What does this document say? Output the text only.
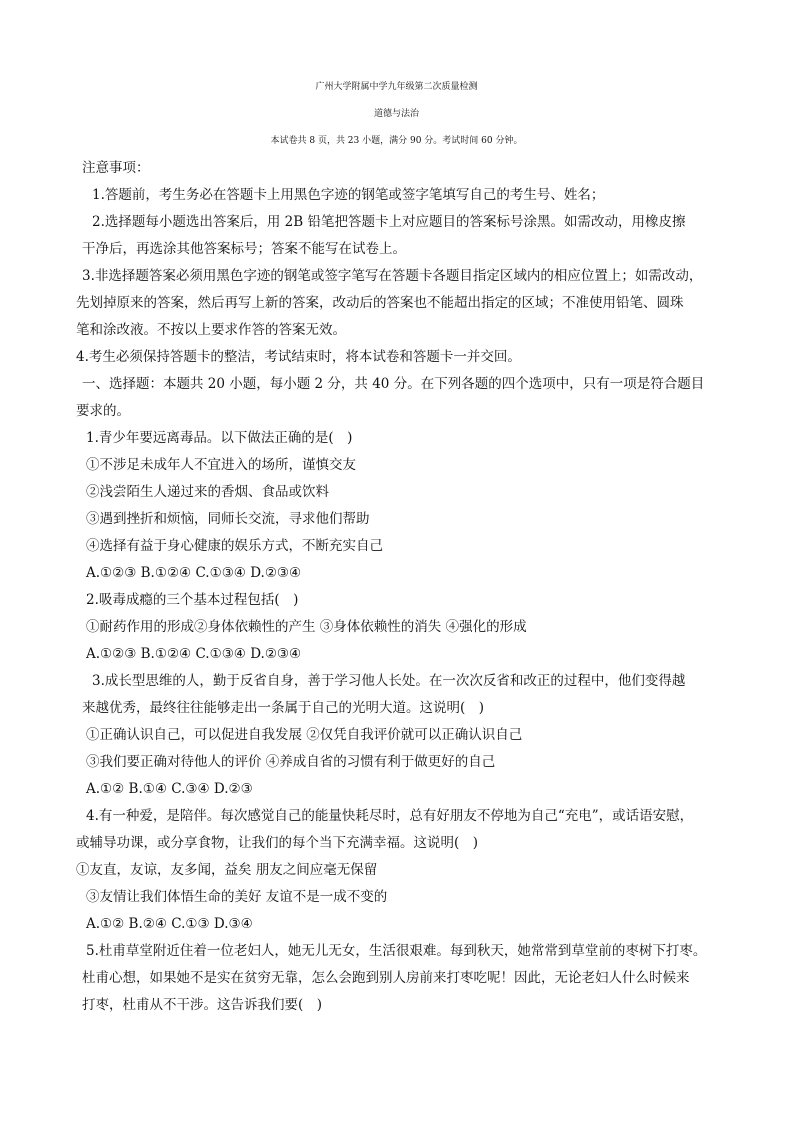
广州大学附属中学九年级第二次质量检测
道德与法治
本试卷共 8 页，共 23 小题，满分 90 分。考试时间 60 分钟。
注意事项：
1.答题前，考生务必在答题卡上用黑色字迹的钢笔或签字笔填写自己的考生号、姓名；
2.选择题每小题选出答案后，用 2B 铅笔把答题卡上对应题目的答案标号涂黑。如需改动，用橡皮擦
干净后，再选涂其他答案标号；答案不能写在试卷上。
3.非选择题答案必须用黑色字迹的钢笔或签字笔写在答题卡各题目指定区域内的相应位置上；如需改动，
先划掉原来的答案，然后再写上新的答案，改动后的答案也不能超出指定的区域；不准使用铅笔、圆珠
笔和涂改液。不按以上要求作答的答案无效。
4.考生必须保持答题卡的整洁，考试结束时，将本试卷和答题卡一并交回。
一、选择题：本题共 20 小题，每小题 2 分，共 40 分。在下列各题的四个选项中，只有一项是符合题目
要求的。
1.青少年要远离毒品。以下做法正确的是(　)
①不涉足未成年人不宜进入的场所，谨慎交友
②浅尝陌生人递过来的香烟、食品或饮料
③遇到挫折和烦恼，同师长交流，寻求他们帮助
④选择有益于身心健康的娱乐方式，不断充实自己
A.①②③ B.①②④ C.①③④ D.②③④
2.吸毒成瘾的三个基本过程包括(　)
①耐药作用的形成②身体依赖性的产生 ③身体依赖性的消失 ④强化的形成
A.①②③ B.①②④ C.①③④ D.②③④
3.成长型思维的人，勤于反省自身，善于学习他人长处。在一次次反省和改正的过程中，他们变得越
来越优秀，最终往往能够走出一条属于自己的光明大道。这说明(　)
①正确认识自己，可以促进自我发展 ②仅凭自我评价就可以正确认识自己
③我们要正确对待他人的评价 ④养成自省的习惯有利于做更好的自己
A.①② B.①④ C.③④ D.②③
4.有一种爱，是陪伴。每次感觉自己的能量快耗尽时，总有好朋友不停地为自己“充电”，或话语安慰，
或辅导功课，或分享食物，让我们的每个当下充满幸福。这说明(　)
①友直，友谅，友多闻，益矣 朋友之间应毫无保留
③友情让我们体悟生命的美好 友谊不是一成不变的
A.①② B.②④ C.①③ D.③④
5.杜甫草堂附近住着一位老妇人，她无儿无女，生活很艰难。每到秋天，她常常到草堂前的枣树下打枣。
杜甫心想，如果她不是实在贫穷无靠，怎么会跑到别人房前来打枣吃呢！因此，无论老妇人什么时候来
打枣，杜甫从不干涉。这告诉我们要(　)
